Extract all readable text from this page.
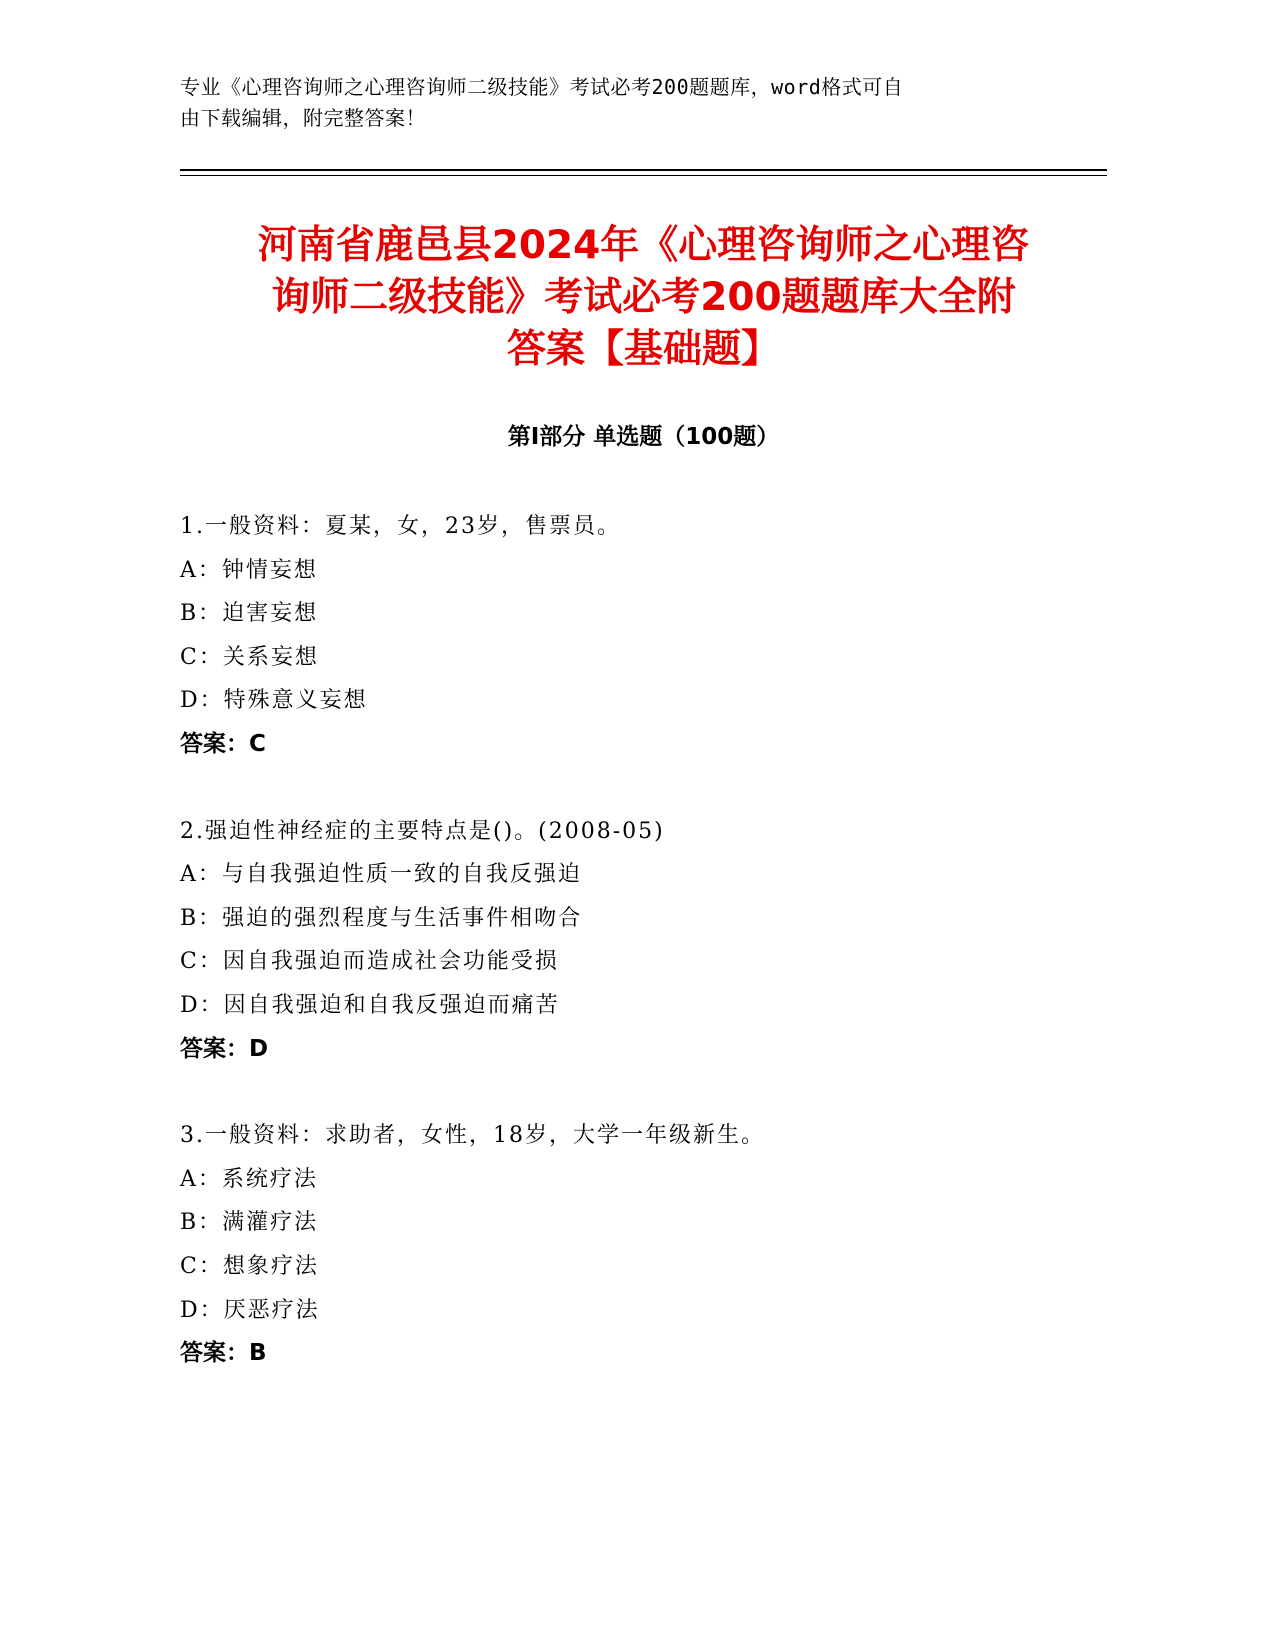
专业《心理咨询师之心理咨询师二级技能》考试必考200题题库，word格式可自
由下载编辑，附完整答案！
河南省鹿邑县2024年《心理咨询师之心理咨
询师二级技能》考试必考200题题库大全附
答案【基础题】
第Ⅰ部分 单选题（100题）
1.一般资料：夏某，女，23岁，售票员。
A：钟情妄想
B：迫害妄想
C：关系妄想
D：特殊意义妄想
答案：C
2.强迫性神经症的主要特点是()。(2008-05)
A：与自我强迫性质一致的自我反强迫
B：强迫的强烈程度与生活事件相吻合
C：因自我强迫而造成社会功能受损
D：因自我强迫和自我反强迫而痛苦
答案：D
3.一般资料：求助者，女性，18岁，大学一年级新生。
A：系统疗法
B：满灌疗法
C：想象疗法
D：厌恶疗法
答案：B
